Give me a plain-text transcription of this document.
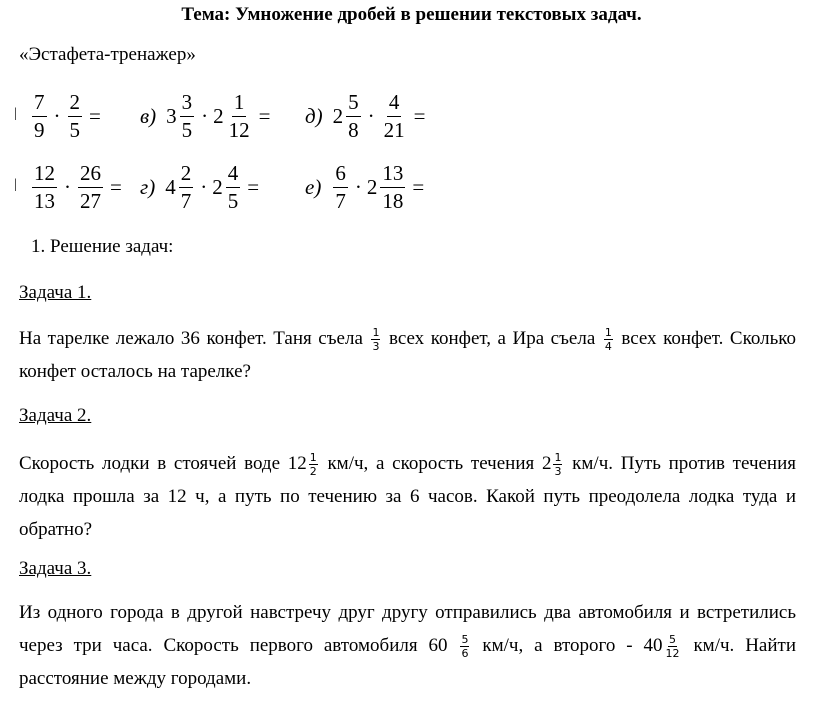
Тема: Умножение дробей в решении текстовых задач.
«Эстафета-тренажер»
| $\frac{7}{9} \cdot \frac{2}{5} = в$) $3 \frac{3}{5} \cdot 2 \frac{1}{12} = д$) $2 \frac{5}{8} \cdot \frac{4}{21}$ =
| $\frac{12}{13} \cdot \frac{26}{27} = г$) $4 \frac{2}{7} \cdot 2 \frac{4}{5} = е) \frac{6}{7} \cdot 2 \frac{13}{18}$ =
1. Решение задач:
Задача 1.
На тарелке лежало 36 конфет. Таня съела $\frac{1}{3}$ всех конфет, а Ира съела $\frac{1}{4}$ всех конфет. Сколько конфет осталось на тарелке?
Задача 2.
Скорость лодки в стоячей воде $12 \frac{1}{2} км/ч$, а скорость течения $2 \frac{1}{3} км/ч$. Путь против течения лодка прошла за 12 ч, а путь по течению за 6 часов. Какой путь преодолела лодка туда и обратно?
Задача 3.
Из одного города в другой навстречу друг другу отправились два автомобиля и встретились через три часа. Скорость первого автомобиля $60 \frac{5}{6} км/ч$, а второго - $40 \frac{5}{12} км/ч$. Найти расстояние между городами.
